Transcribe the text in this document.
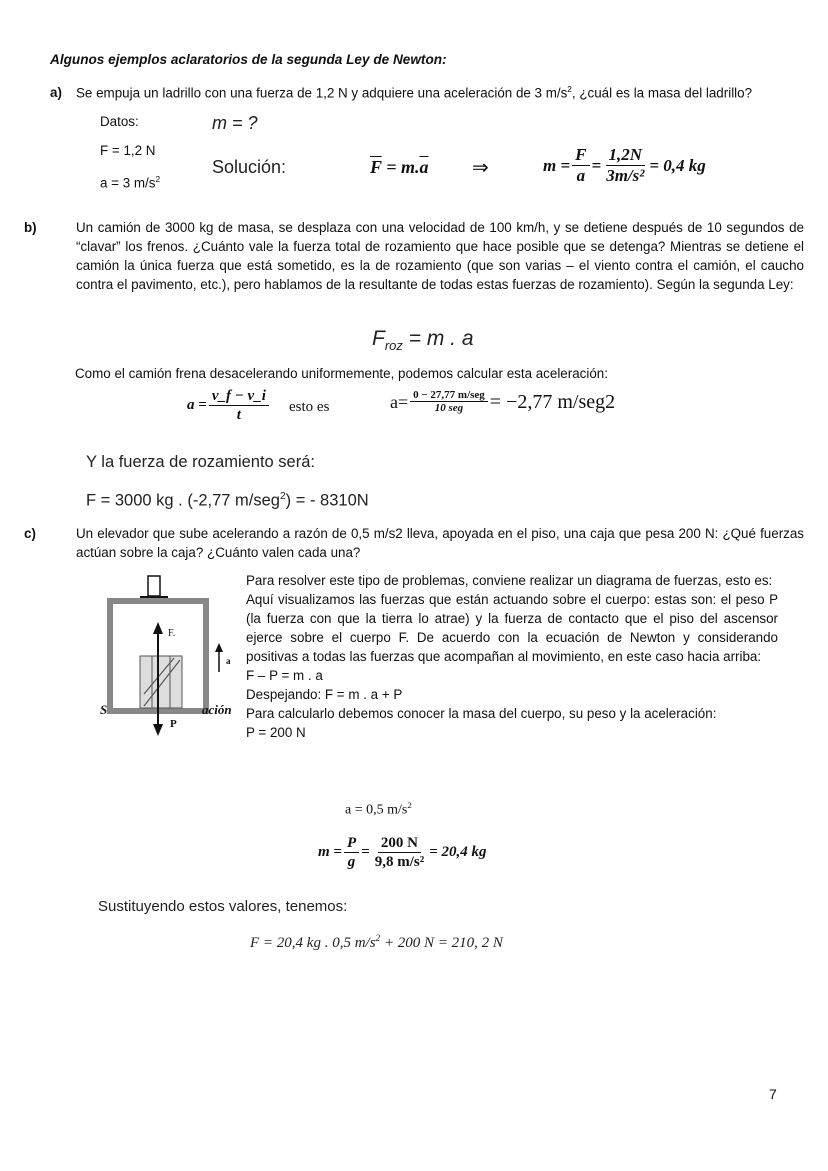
Algunos ejemplos aclaratorios de la segunda Ley de Newton:
a) Se empuja un ladrillo con una fuerza de 1,2 N y adquiere una aceleración de 3 $m/s^2$, ¿cuál es la masa del ladrillo?
Datos:	m = ?
F = 1,2 N
a = 3 $m/s^2$
Solución:	$\overline{F} = m.\overline{a}$ ⇒	$m = \frac{F}{a} = \frac{1,2N}{\text{3m/s²}} = 0,4$ kg
b)	Un camión de 3000 kg de masa, se desplaza con una velocidad de 100 km/h, y se detiene después de 10 segundos de “clavar” los frenos. ¿Cuánto vale la fuerza total de rozamiento que hace posible que se detenga? Mientras se detiene el camión la única fuerza que está sometido, es la de rozamiento (que son varias – el viento contra el camión, el caucho contra el pavimento, etc.), pero hablamos de la resultante de todas estas fuerzas de rozamiento). Según la segunda Ley:
$F_{roz} = m$ . a
Como el camión frena desacelerando uniformemente, podemos calcular esta aceleración:
$a = \frac{v\_f - v\_i}{t}$ esto es	$a= \frac{\text{0 − 27,77 m/seg}}{\text{10 seg}} = -2,77$ m/seg2
Y la fuerza de rozamiento será:
F = 3000 kg . (-2,77 m/seg$^2$) = - 8310N
c)	Un elevador que sube acelerando a razón de 0,5 m/s2 lleva, apoyada en el piso, una caja que pesa 200 N: ¿Qué fuerzas actúan sobre la caja? ¿Cuánto valen cada una?
F.
P
a
S	ación
Para resolver este tipo de problemas, conviene realizar un diagrama de fuerzas, esto es:
Aquí visualizamos las fuerzas que están actuando sobre el cuerpo: estas son: el peso P (la fuerza con que la tierra lo atrae) y la fuerza de contacto que el piso del ascensor ejerce sobre el cuerpo F. De acuerdo con la ecuación de Newton y considerando positivas a todas las fuerzas que acompañan al movimiento, en este caso hacia arriba:
F – P = m . a
Despejando: F = m . a + P
Para calcularlo debemos conocer la masa del cuerpo, su peso y la aceleración:
P = 200 N
a = 0,5 $m/s^2$
$m = \frac{P}{g} = \frac{200 N}{\text{9,8 m/s²}} = 20,4$ kg
Sustituyendo estos valores, tenemos:
F = 20,4 kg . 0,5 $m/s^2 + 200$ N = 210, 2 N
7
